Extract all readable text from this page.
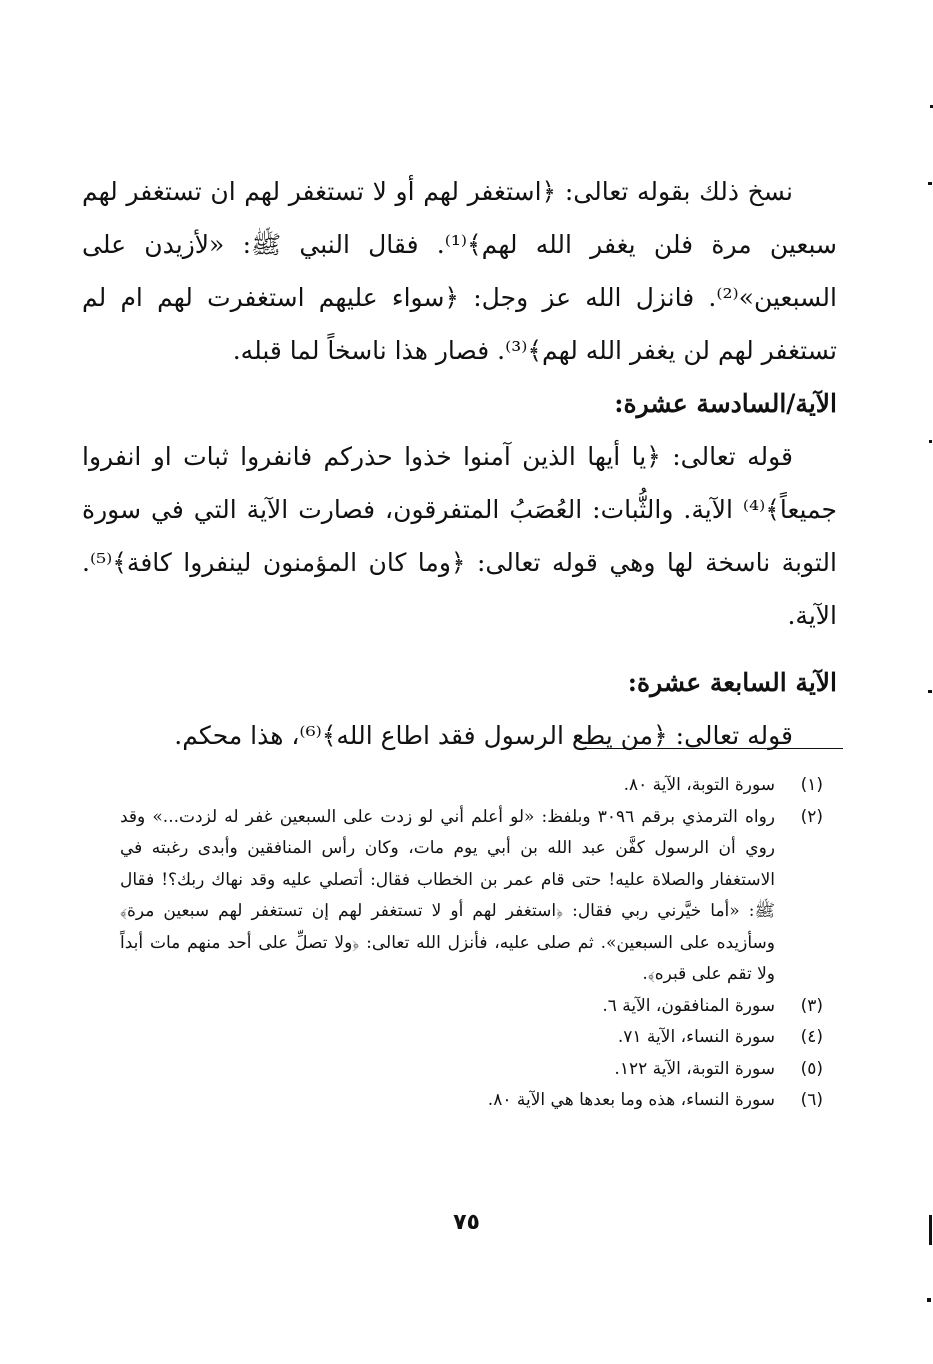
نسخ ذلك بقوله تعالى: ﴿استغفر لهم أو لا تستغفر لهم ان تستغفر لهم سبعين مرة فلن يغفر الله لهم﴾⁽¹⁾. فقال النبي ﷺ: «لأزيدن على السبعين»⁽²⁾. فانزل الله عز وجل: ﴿سواء عليهم استغفرت لهم ام لم تستغفر لهم لن يغفر الله لهم﴾⁽³⁾. فصار هذا ناسخاً لما قبله.

الآية/السادسة عشرة:

قوله تعالى: ﴿يا أيها الذين آمنوا خذوا حذركم فانفروا ثبات او انفروا جميعاً﴾⁽⁴⁾ الآية. والثُّبات: العُصَبُ المتفرقون، فصارت الآية التي في سورة التوبة ناسخة لها وهي قوله تعالى: ﴿وما كان المؤمنون لينفروا كافة﴾⁽⁵⁾. الآية.

الآية السابعة عشرة:

قوله تعالى: ﴿من يطع الرسول فقد اطاع الله﴾⁽⁶⁾، هذا محكم.

(١)
سورة التوبة، الآية ٨٠.
(٢)
رواه الترمذي برقم ٣٠٩٦ وبلفظ: «لو أعلم أني لو زدت على السبعين غفر له لزدت...» وقد روي أن الرسول كفَّن عبد الله بن أبي يوم مات، وكان رأس المنافقين وأبدى رغبته في الاستغفار والصلاة عليه! حتى قام عمر بن الخطاب فقال: أتصلي عليه وقد نهاك ربك؟! فقال ﷺ: «أما خيَّرني ربي فقال: ﴿استغفر لهم أو لا تستغفر لهم إن تستغفر لهم سبعين مرة﴾ وسأزيده على السبعين». ثم صلى عليه، فأنزل الله تعالى: ﴿ولا تصلِّ على أحد منهم مات أبداً ولا تقم على قبره﴾.
(٣)
سورة المنافقون، الآية ٦.
(٤)
سورة النساء، الآية ٧١.
(٥)
سورة التوبة، الآية ١٢٢.
(٦)
سورة النساء، هذه وما بعدها هي الآية ٨٠.
٧٥
